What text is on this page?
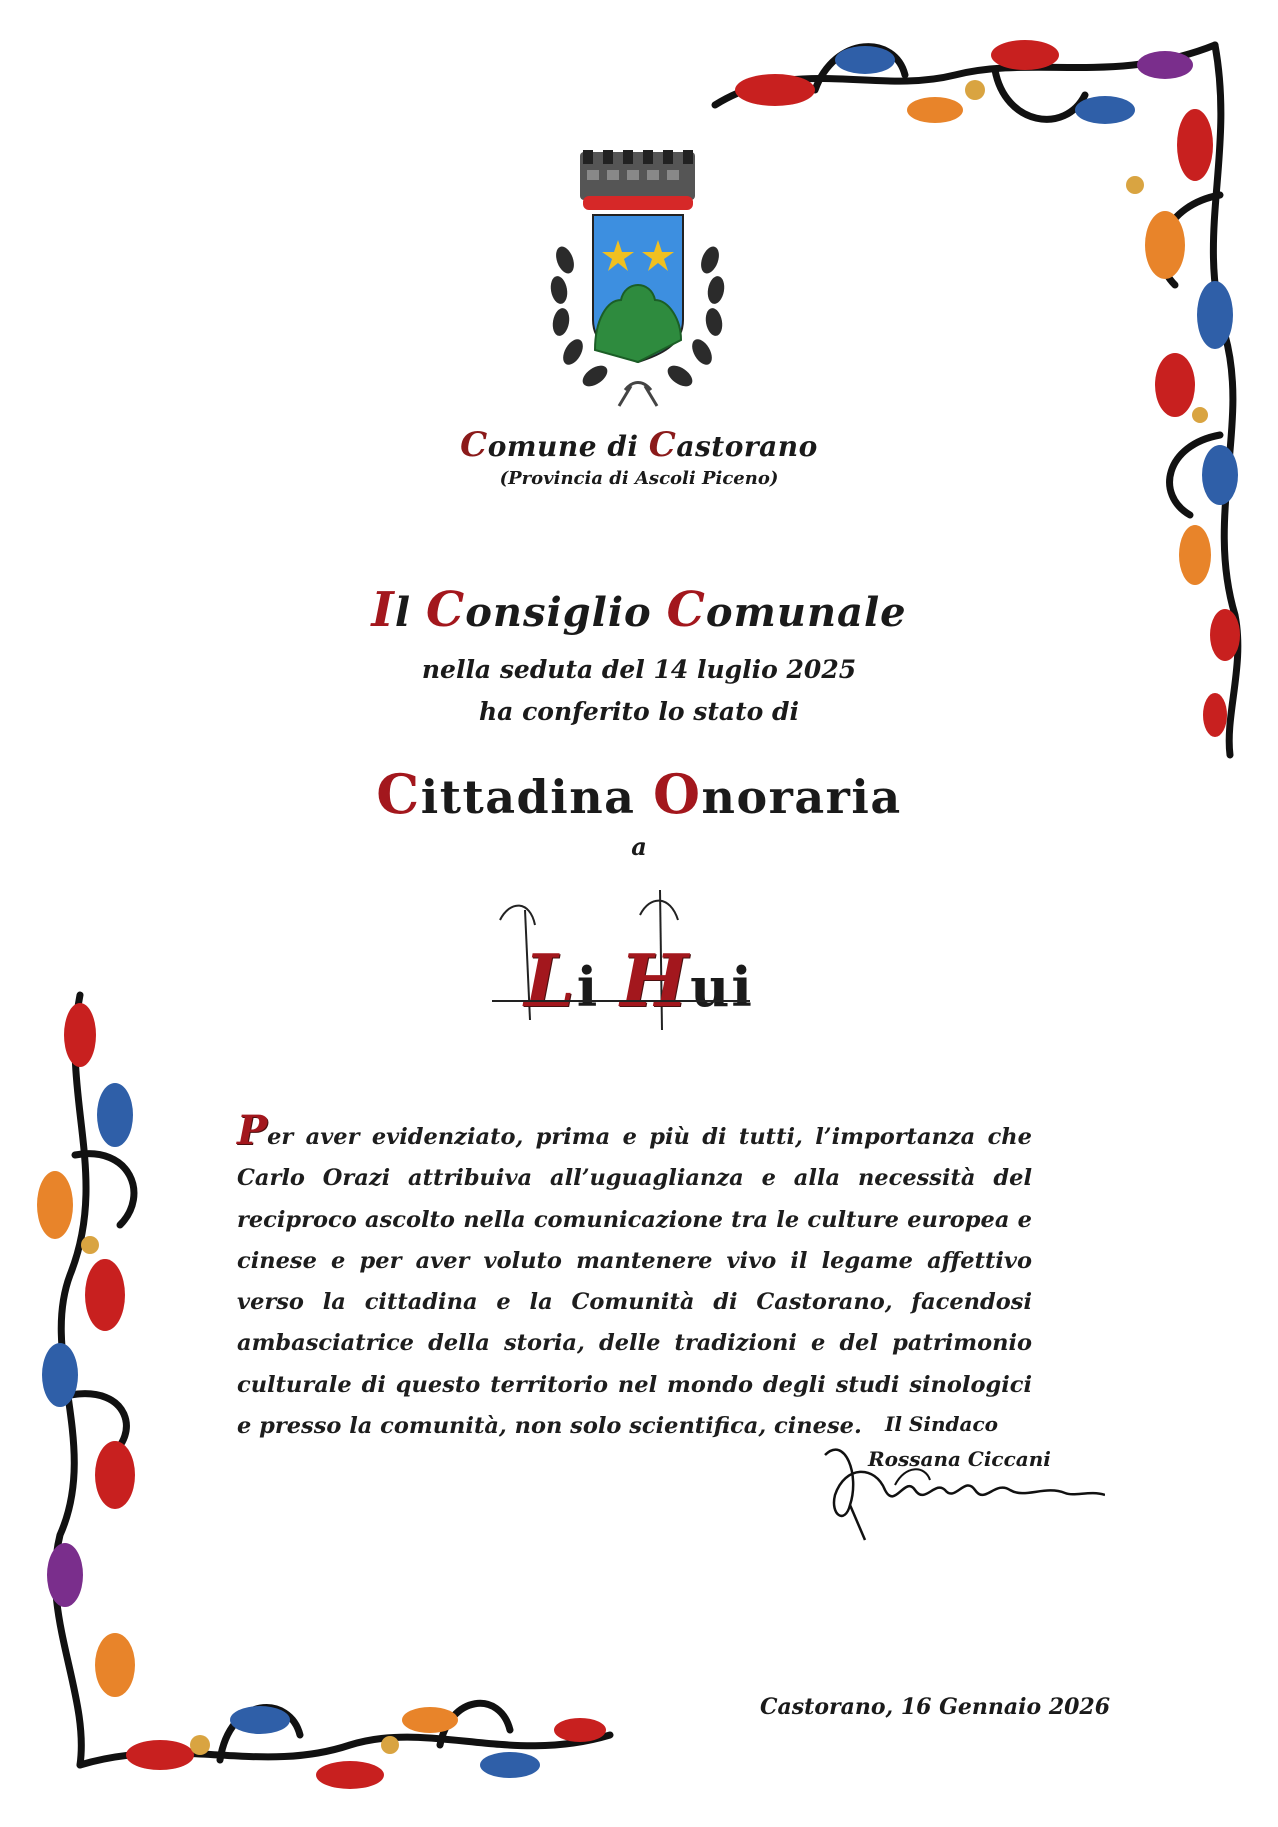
Comune di Castorano
(Provincia di Ascoli Piceno)
Il Consiglio Comunale
nella seduta del 14 luglio 2025
ha conferito lo stato di
Cittadina Onoraria
a
Li Hui
Per aver evidenziato, prima e più di tutti, l’importanza che Carlo Orazi attribuiva all’uguaglianza e alla necessità del reciproco ascolto nella comunicazione tra le culture europea e cinese e per aver voluto mantenere vivo il legame affettivo verso la cittadina e la Comunità di Castorano, facendosi ambasciatrice della storia, delle tradizioni e del patrimonio culturale di questo territorio nel mondo degli studi sinologici e presso la comunità, non solo scientifica, cinese.	Il Sindaco
Rossana Ciccani
Castorano, 16 Gennaio 2026
